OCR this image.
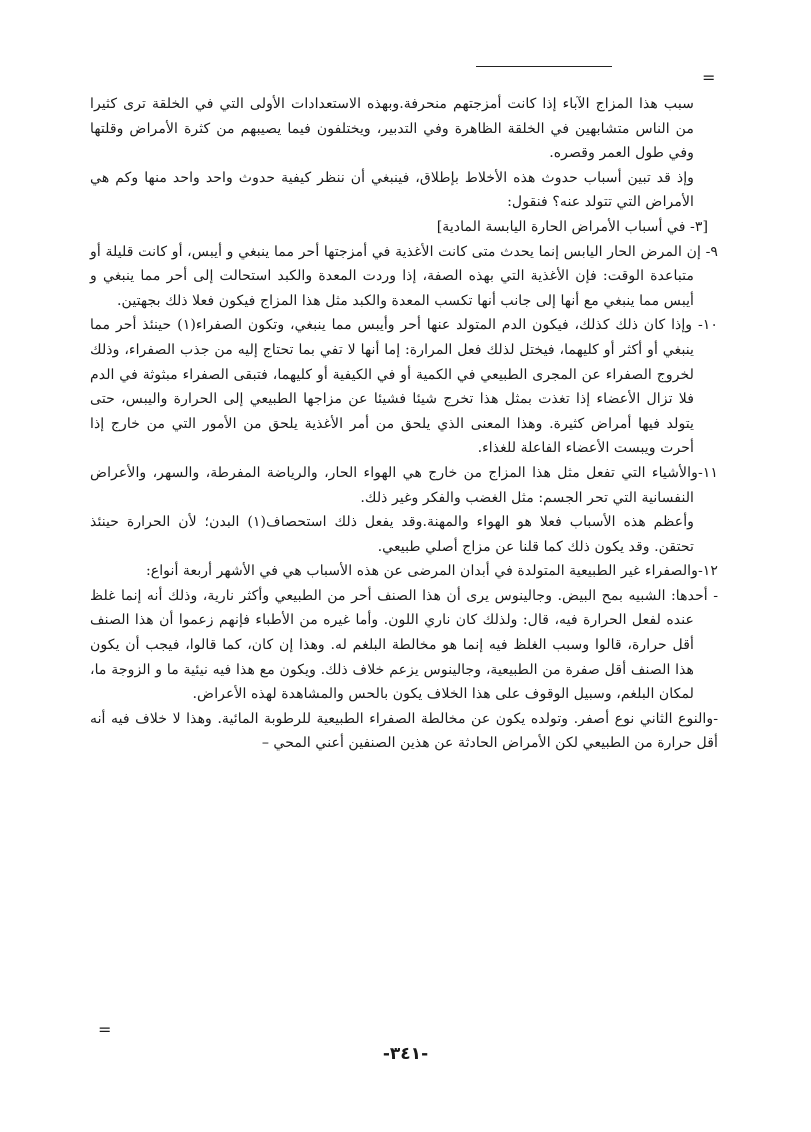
=
سبب هذا المزاج الآباء إذا كانت أمزجتهم منحرفة.وبهذه الاستعدادات الأولى التي في الخلقة ترى كثيرا من الناس متشابهين في الخلقة الظاهرة وفي التدبير، ويختلفون فيما يصيبهم من كثرة الأمراض وقلتها وفي طول العمر وقصره.
وإذ قد تبين أسباب حدوث هذه الأخلاط بإطلاق، فينبغي أن ننظر كيفية حدوث واحد واحد منها وكم هي الأمراض التي تتولد عنه؟ فنقول:
[٣- في أسباب الأمراض الحارة اليابسة المادية]
٩- إن المرض الحار اليابس إنما يحدث متى كانت الأغذية في أمزجتها أحر مما ينبغي و أيبس، أو كانت قليلة أو متباعدة الوقت: فإن الأغذية التي بهذه الصفة، إذا وردت المعدة والكبد استحالت إلى أحر مما ينبغي و أيبس مما ينبغي مع أنها إلى جانب أنها تكسب المعدة والكبد مثل هذا المزاج فيكون فعلا ذلك بجهتين.
١٠- وإذا كان ذلك كذلك، فيكون الدم المتولد عنها أحر وأيبس مما ينبغي، وتكون الصفراء(١) حينئذ أحر مما ينبغي أو أكثر أو كليهما، فيختل لذلك فعل المرارة: إما أنها لا تفي بما تحتاج إليه من جذب الصفراء، وذلك لخروج الصفراء عن المجرى الطبيعي في الكمية أو في الكيفية أو كليهما، فتبقى الصفراء مبثوثة في الدم فلا تزال الأعضاء إذا تغذت بمثل هذا تخرج شيئا فشيئا عن مزاجها الطبيعي إلى الحرارة واليبس، حتى يتولد فيها أمراض كثيرة. وهذا المعنى الذي يلحق من أمر الأغذية يلحق من الأمور التي من خارج إذا أحرت ويبست الأعضاء الفاعلة للغذاء.
١١-والأشياء التي تفعل مثل هذا المزاج من خارج هي الهواء الحار، والرياضة المفرطة، والسهر، والأعراض النفسانية التي تحر الجسم: مثل الغضب والفكر وغير ذلك.
وأعظم هذه الأسباب فعلا هو الهواء والمهنة.وقد يفعل ذلك استحصاف(١) البدن؛ لأن الحرارة حينئذ تحتقن. وقد يكون ذلك كما قلنا عن مزاج أصلي طبيعي.
١٢-والصفراء غير الطبيعية المتولدة في أبدان المرضى عن هذه الأسباب هي في الأشهر أربعة أنواع:
- أحدها: الشبيه بمح البيض. وجالينوس يرى أن هذا الصنف أحر من الطبيعي وأكثر نارية، وذلك أنه إنما غلظ عنده لفعل الحرارة فيه، قال: ولذلك كان ناري اللون. وأما غيره من الأطباء فإنهم زعموا أن هذا الصنف أقل حرارة، قالوا وسبب الغلظ فيه إنما هو مخالطة البلغم له. وهذا إن كان، كما قالوا، فيجب أن يكون هذا الصنف أقل صفرة من الطبيعية، وجالينوس يزعم خلاف ذلك. ويكون مع هذا فيه نيئية ما و الزوجة ما، لمكان البلغم، وسبيل الوقوف على هذا الخلاف يكون بالحس والمشاهدة لهذه الأعراض.
-والنوع الثاني نوع أصفر. وتولده يكون عن مخالطة الصفراء الطبيعية للرطوبة المائية. وهذا لا خلاف فيه أنه أقل حرارة من الطبيعي لكن الأمراض الحادثة عن هذين الصنفين أعني المحي –
=
-٣٤١-
